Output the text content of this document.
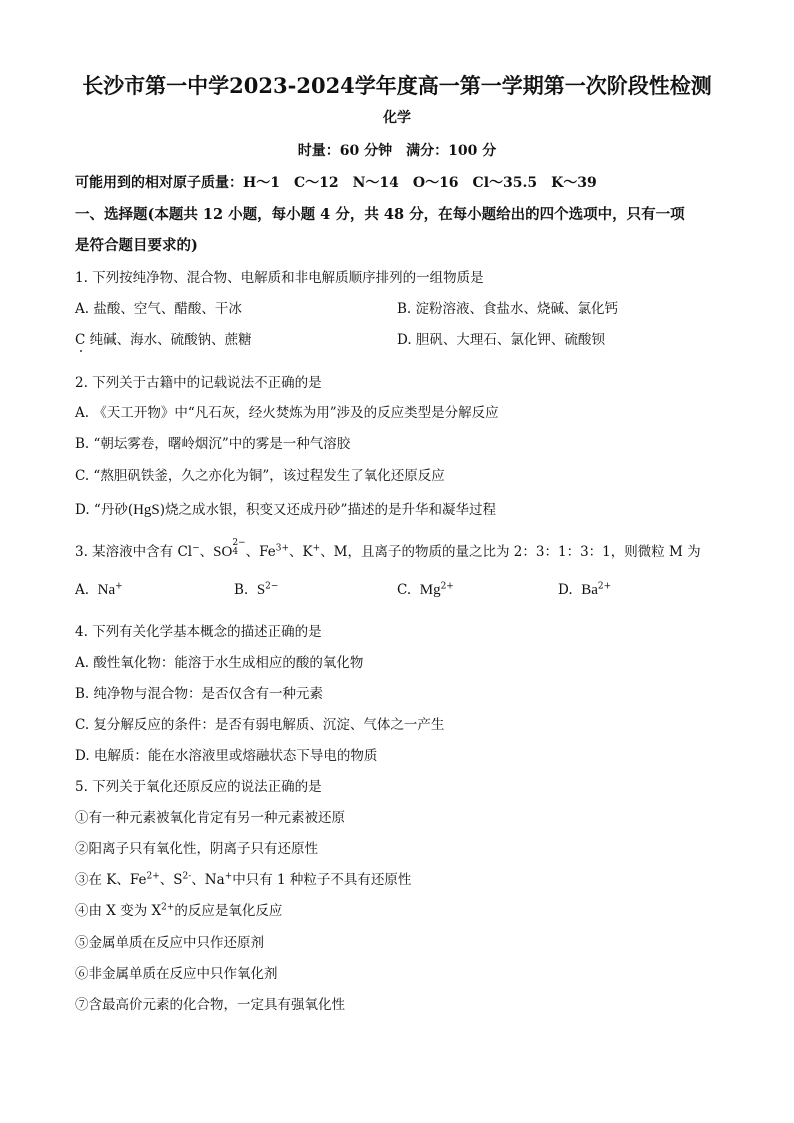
长沙市第一中学2023-2024学年度高一第一学期第一次阶段性检测
化学
时量：60 分钟　满分：100 分
可能用到的相对原子质量：H～1　C～12　N～14　O～16　Cl～35.5　K～39
一、选择题(本题共 12 小题，每小题 4 分，共 48 分，在每小题给出的四个选项中，只有一项
是符合题目要求的)
1. 下列按纯净物、混合物、电解质和非电解质顺序排列的一组物质是
A. 盐酸、空气、醋酸、干冰	B. 淀粉溶液、食盐水、烧碱、氯化钙
C 纯碱、海水、硫酸钠、蔗糖	D. 胆矾、大理石、氯化钾、硫酸钡
2. 下列关于古籍中的记载说法不正确的是
A. 《天工开物》中“凡石灰，经火焚炼为用”涉及的反应类型是分解反应
B. “朝坛雾卷，曙岭烟沉”中的雾是一种气溶胶
C. “熬胆矾铁釜，久之亦化为铜”，该过程发生了氧化还原反应
D. “丹砂(HgS)烧之成水银，积变又还成丹砂”描述的是升华和凝华过程
3. 某溶液中含有 Cl−、SO2−
4 、$Fe^{3+}$、K+、M，且离子的物质的量之比为 2：3：1：3：1，则微粒 M 为
A. Na+	B. $S^{2-}$	C. $Mg^{2+}$	D. $Ba^{2+}$
4. 下列有关化学基本概念的描述正确的是
A. 酸性氧化物：能溶于水生成相应的酸的氧化物
B. 纯净物与混合物：是否仅含有一种元素
C. 复分解反应的条件：是否有弱电解质、沉淀、气体之一产生
D. 电解质：能在水溶液里或熔融状态下导电的物质
5. 下列关于氧化还原反应的说法正确的是
①有一种元素被氧化肯定有另一种元素被还原
②阳离子只有氧化性，阴离子只有还原性
③在 K、$Fe^{2+}$、$S^{2-}$、Na+中只有 1 种粒子不具有还原性
④由 X 变为 $X^{2+}$的反应是氧化反应
⑤金属单质在反应中只作还原剂
⑥非金属单质在反应中只作氧化剂
⑦含最高价元素的化合物，一定具有强氧化性
